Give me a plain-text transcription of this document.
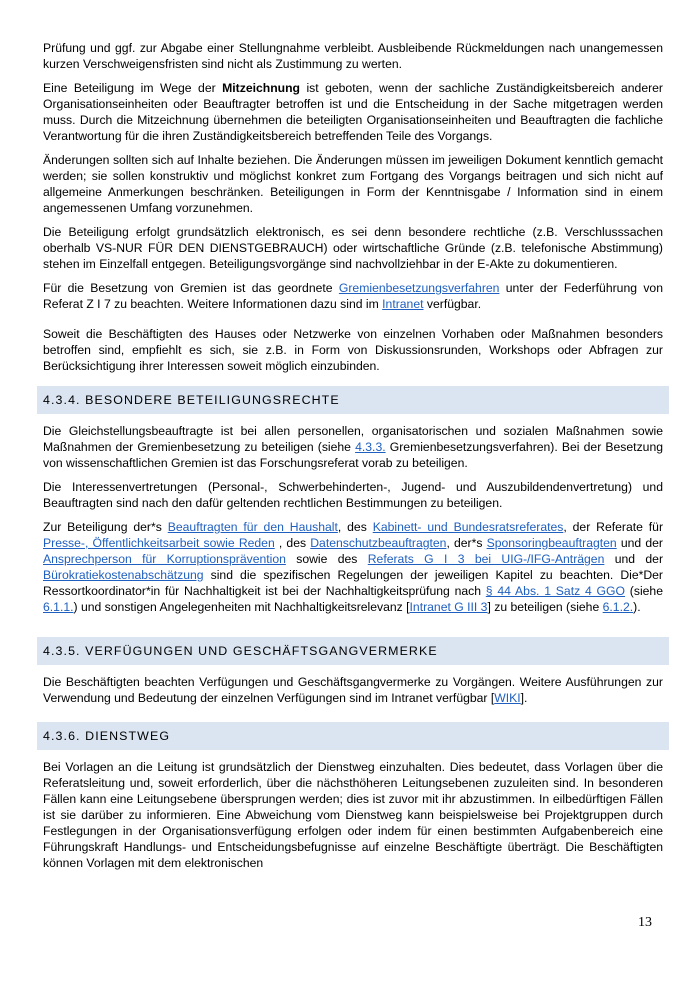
Prüfung und ggf. zur Abgabe einer Stellungnahme verbleibt. Ausbleibende Rückmeldungen nach unangemessen kurzen Verschweigensfristen sind nicht als Zustimmung zu werten.

Eine Beteiligung im Wege der Mitzeichnung ist geboten, wenn der sachliche Zuständigkeitsbereich anderer Organisationseinheiten oder Beauftragter betroffen ist und die Entscheidung in der Sache mitgetragen werden muss. Durch die Mitzeichnung übernehmen die beteiligten Organisationseinheiten und Beauftragten die fachliche Verantwortung für die ihren Zuständigkeitsbereich betreffenden Teile des Vorgangs.

Änderungen sollten sich auf Inhalte beziehen. Die Änderungen müssen im jeweiligen Dokument kenntlich gemacht werden; sie sollen konstruktiv und möglichst konkret zum Fortgang des Vorgangs beitragen und sich nicht auf allgemeine Anmerkungen beschränken. Beteiligungen in Form der Kenntnisgabe / Information sind in einem angemessenen Umfang vorzunehmen.

Die Beteiligung erfolgt grundsätzlich elektronisch, es sei denn besondere rechtliche (z.B. Verschlusssachen oberhalb VS-NUR FÜR DEN DIENSTGEBRAUCH) oder wirtschaftliche Gründe (z.B. telefonische Abstimmung) stehen im Einzelfall entgegen. Beteiligungsvorgänge sind nachvollziehbar in der E-Akte zu dokumentieren.

Für die Besetzung von Gremien ist das geordnete Gremienbesetzungsverfahren unter der Federführung von Referat Z I 7 zu beachten. Weitere Informationen dazu sind im Intranet verfügbar.

Soweit die Beschäftigten des Hauses oder Netzwerke von einzelnen Vorhaben oder Maßnahmen besonders betroffen sind, empfiehlt es sich, sie z.B. in Form von Diskussionsrunden, Workshops oder Abfragen zur Berücksichtigung ihrer Interessen soweit möglich einzubinden.

4.3.4. BESONDERE BETEILIGUNGSRECHTE

Die Gleichstellungsbeauftragte ist bei allen personellen, organisatorischen und sozialen Maßnahmen sowie Maßnahmen der Gremienbesetzung zu beteiligen (siehe 4.3.3. Gremienbesetzungsverfahren). Bei der Besetzung von wissenschaftlichen Gremien ist das Forschungsreferat vorab zu beteiligen.

Die Interessenvertretungen (Personal-, Schwerbehinderten-, Jugend- und Auszubildendenvertretung) und Beauftragten sind nach den dafür geltenden rechtlichen Bestimmungen zu beteiligen.

Zur Beteiligung der*s Beauftragten für den Haushalt, des Kabinett- und Bundesratsreferates, der Referate für Presse-, Öffentlichkeitsarbeit sowie Reden , des Datenschutzbeauftragten, der*s Sponsoringbeauftragten und der Ansprechperson für Korruptionsprävention sowie des Referats G I 3 bei UIG-/IFG-Anträgen und der Bürokratiekostenabschätzung sind die spezifischen Regelungen der jeweiligen Kapitel zu beachten. Die*Der Ressortkoordinator*in für Nachhaltigkeit ist bei der Nachhaltigkeitsprüfung nach § 44 Abs. 1 Satz 4 GGO (siehe 6.1.1.) und sonstigen Angelegenheiten mit Nachhaltigkeitsrelevanz [Intranet G III 3] zu beteiligen (siehe 6.1.2.).

4.3.5. VERFÜGUNGEN UND GESCHÄFTSGANGVERMERKE

Die Beschäftigten beachten Verfügungen und Geschäftsgangvermerke zu Vorgängen. Weitere Ausführungen zur Verwendung und Bedeutung der einzelnen Verfügungen sind im Intranet verfügbar [WIKI].

4.3.6. DIENSTWEG

Bei Vorlagen an die Leitung ist grundsätzlich der Dienstweg einzuhalten. Dies bedeutet, dass Vorlagen über die Referatsleitung und, soweit erforderlich, über die nächsthöheren Leitungsebenen zuzuleiten sind. In besonderen Fällen kann eine Leitungsebene übersprungen werden; dies ist zuvor mit ihr abzustimmen. In eilbedürftigen Fällen ist sie darüber zu informieren. Eine Abweichung vom Dienstweg kann beispielsweise bei Projektgruppen durch Festlegungen in der Organisationsverfügung erfolgen oder indem für einen bestimmten Aufgabenbereich eine Führungskraft Handlungs- und Entscheidungsbefugnisse auf einzelne Beschäftigte überträgt. Die Beschäftigten können Vorlagen mit dem elektronischen

13
